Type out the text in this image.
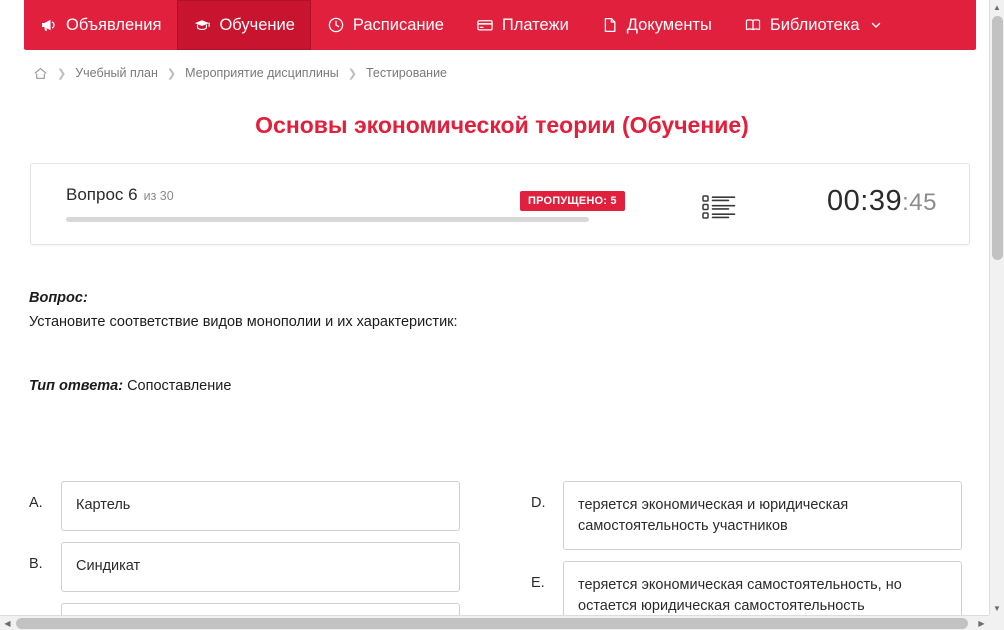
Объявления	Обучение	Расписание	Платежи	Документы	Библиотека
❯ Учебный план ❯ Мероприятие дисциплины ❯ Тестирование
Основы экономической теории (Обучение)
Вопрос 6 из 30	ПРОПУЩЕНО: 5	00:39:45
Вопрос:
Установите соответствие видов монополии и их характеристик:
Тип ответа: Сопоставление
A.	Картель
B.	Синдикат
D.	теряется экономическая и юридическая самостоятельность участников
E.	теряется экономическая самостоятельность, но остается юридическая самостоятельность
▲
▼
◀	▶
